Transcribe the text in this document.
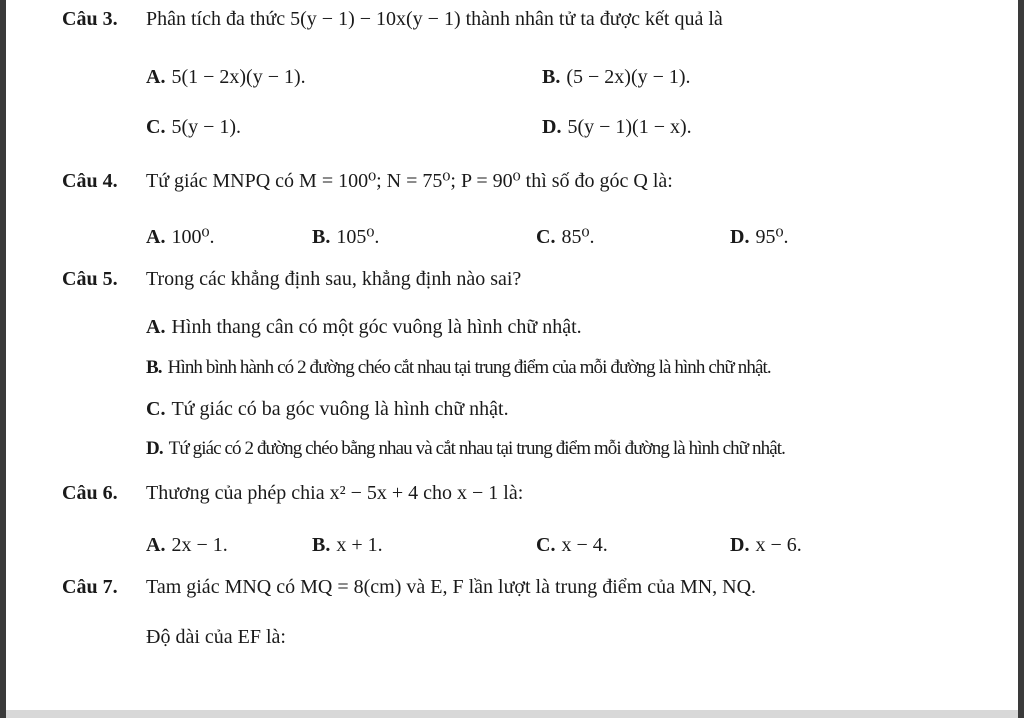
Câu 3. Phân tích đa thức 5(y − 1) − 10x(y − 1) thành nhân tử ta được kết quả là
A. 5(1 − 2x)(y − 1).	B. (5 − 2x)(y − 1).
C. 5(y − 1).	D. 5(y − 1)(1 − x).
Câu 4. Tứ giác MNPQ có M = 100⁰; N = 75⁰; P = 90⁰ thì số đo góc Q là:
A. 100⁰.	B. 105⁰.	C. 85⁰.	D. 95⁰.
Câu 5. Trong các khẳng định sau, khẳng định nào sai?
A. Hình thang cân có một góc vuông là hình chữ nhật.
B. Hình bình hành có 2 đường chéo cắt nhau tại trung điểm của mỗi đường là hình chữ nhật.
C. Tứ giác có ba góc vuông là hình chữ nhật.
D. Tứ giác có 2 đường chéo bằng nhau và cắt nhau tại trung điểm mỗi đường là hình chữ nhật.
Câu 6. Thương của phép chia x² − 5x + 4 cho x − 1 là:
A. 2x − 1.	B. x + 1.	C. x − 4.	D. x − 6.
Câu 7. Tam giác MNQ có MQ = 8(cm) và E, F lần lượt là trung điểm của MN, NQ.
Độ dài của EF là:
